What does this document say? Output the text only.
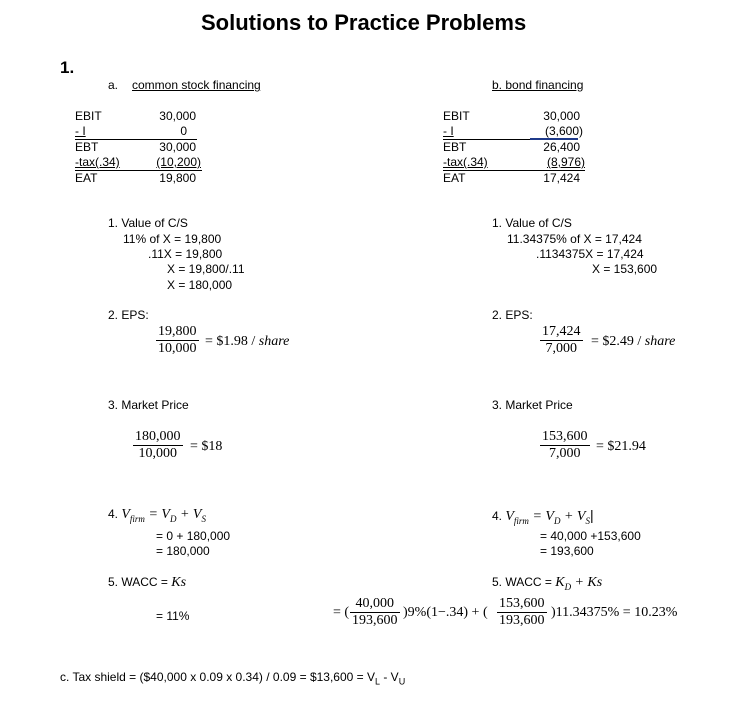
Solutions to Practice Problems
1.
a. common stock financing	b. bond financing
EBIT	30,000
- I	0
EBT	30,000
-tax(.34)	(10,200)
EAT	19,800
EBIT	30,000
- I	(3,600)
EBT	26,400
-tax(.34)	(8,976)
EAT	17,424
1. Value of C/S
11% of X = 19,800
.11X = 19,800
X = 19,800/.11
X = 180,000
1. Value of C/S
11.34375% of X = 17,424
.1134375X = 17,424
X = 153,600
2. EPS:
$\frac{19,800}{10,000}$ = $1.98 / share
2. EPS:
$\frac{17,424}{7,000}$ = $2.49 / share
3. Market Price
$\frac{180,000}{10,000}$ = $18
3. Market Price
$\frac{153,600}{7,000}$ = $21.94
4. $V_{firm} = V_D + V_S$
= 0 + 180,000
= 180,000
4. $V_{firm} = V_D + V_S|$
= 40,000 +153,600
= 193,600
5. WACC = Ks
= 11%
5. WACC = $K_D + Ks$
= ( $\frac{40,000}{193,600} )9\%(1-.34)$ + ( $\frac{153,600}{193,600} )11.34375\% = 10.23\%$
c. Tax shield = ($40,000 x 0.09 x 0.34) / 0.09 = $13,600 = $V_L - V_U$
